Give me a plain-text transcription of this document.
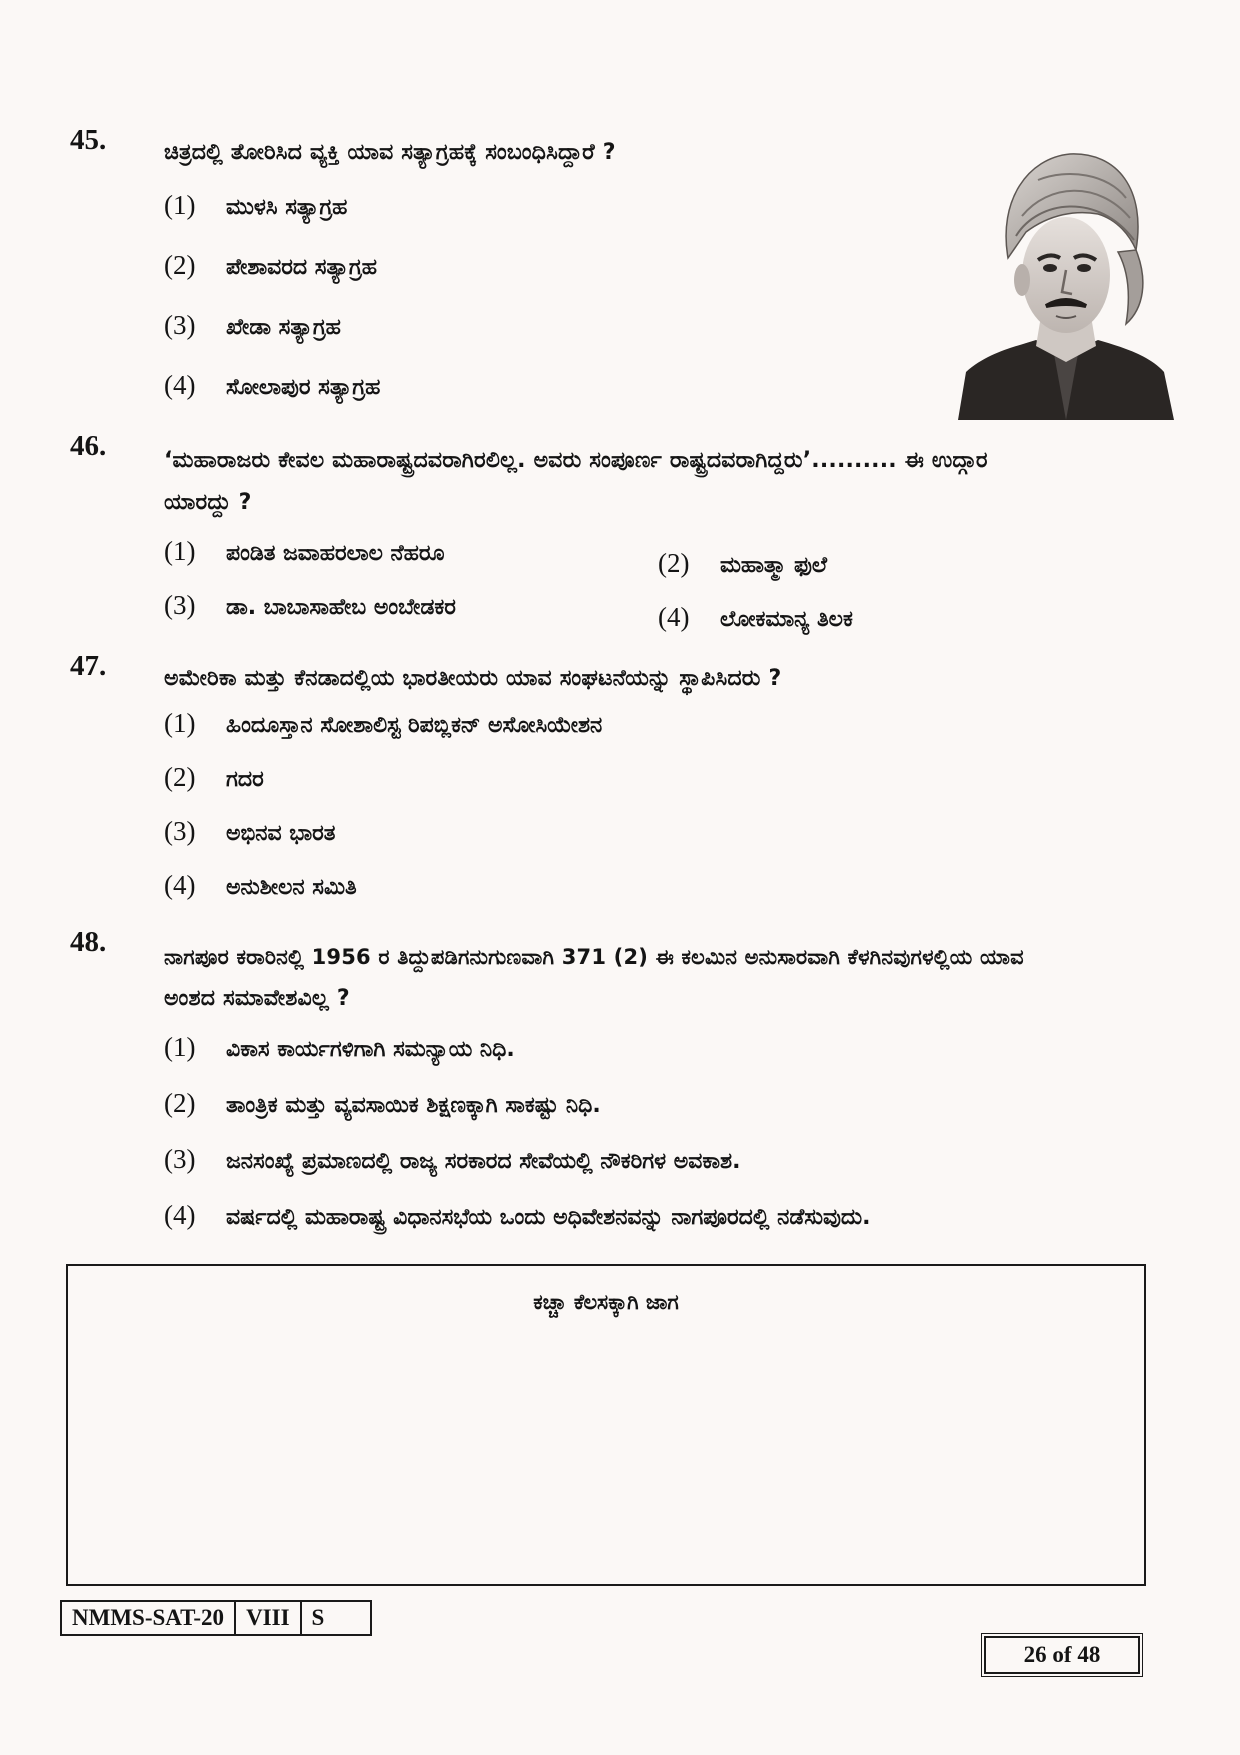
45.	ಚಿತ್ರದಲ್ಲಿ ತೋರಿಸಿದ ವ್ಯಕ್ತಿ ಯಾವ ಸತ್ಯಾಗ್ರಹಕ್ಕೆ ಸಂಬಂಧಿಸಿದ್ದಾರೆ ?
(1) ಮುಳಸಿ ಸತ್ಯಾಗ್ರಹ
(2) ಪೇಶಾವರದ ಸತ್ಯಾಗ್ರಹ
(3) ಖೇಡಾ ಸತ್ಯಾಗ್ರಹ
(4) ಸೋಲಾಪುರ ಸತ್ಯಾಗ್ರಹ
46.	‘ಮಹಾರಾಜರು ಕೇವಲ ಮಹಾರಾಷ್ಟ್ರದವರಾಗಿರಲಿಲ್ಲ. ಅವರು ಸಂಪೂರ್ಣ ರಾಷ್ಟ್ರದವರಾಗಿದ್ದರು’.......... ಈ ಉದ್ಗಾರ
ಯಾರದ್ದು ?
(1) ಪಂಡಿತ ಜವಾಹರಲಾಲ ನೆಹರೂ	(2) ಮಹಾತ್ಮಾ ಫುಲೆ
(3) ಡಾ. ಬಾಬಾಸಾಹೇಬ ಅಂಬೇಡಕರ	(4) ಲೋಕಮಾನ್ಯ ತಿಲಕ
47.	ಅಮೇರಿಕಾ ಮತ್ತು ಕೆನಡಾದಲ್ಲಿಯ ಭಾರತೀಯರು ಯಾವ ಸಂಘಟನೆಯನ್ನು ಸ್ಥಾಪಿಸಿದರು ?
(1) ಹಿಂದೂಸ್ತಾನ ಸೋಶಾಲಿಸ್ಟ ರಿಪಬ್ಲಿಕನ್ ಅಸೋಸಿಯೇಶನ
(2) ಗದರ
(3) ಅಭಿನವ ಭಾರತ
(4) ಅನುಶೀಲನ ಸಮಿತಿ
48.	ನಾಗಪೂರ ಕರಾರಿನಲ್ಲಿ 1956 ರ ತಿದ್ದುಪಡಿಗನುಗುಣವಾಗಿ 371 (2) ಈ ಕಲಮಿನ ಅನುಸಾರವಾಗಿ ಕೆಳಗಿನವುಗಳಲ್ಲಿಯ ಯಾವ
ಅಂಶದ ಸಮಾವೇಶವಿಲ್ಲ ?
(1) ವಿಕಾಸ ಕಾರ್ಯಗಳಿಗಾಗಿ ಸಮನ್ಯಾಯ ನಿಧಿ.
(2) ತಾಂತ್ರಿಕ ಮತ್ತು ವ್ಯವಸಾಯಿಕ ಶಿಕ್ಷಣಕ್ಕಾಗಿ ಸಾಕಷ್ಟು ನಿಧಿ.
(3) ಜನಸಂಖ್ಯೆ ಪ್ರಮಾಣದಲ್ಲಿ ರಾಜ್ಯ ಸರಕಾರದ ಸೇವೆಯಲ್ಲಿ ನೌಕರಿಗಳ ಅವಕಾಶ.
(4) ವರ್ಷದಲ್ಲಿ ಮಹಾರಾಷ್ಟ್ರ ವಿಧಾನಸಭೆಯ ಒಂದು ಅಧಿವೇಶನವನ್ನು ನಾಗಪೂರದಲ್ಲಿ ನಡೆಸುವುದು.
ಕಚ್ಚಾ ಕೆಲಸಕ್ಕಾಗಿ ಜಾಗ
NMMS-SAT-20 VIII S
26 of 48
